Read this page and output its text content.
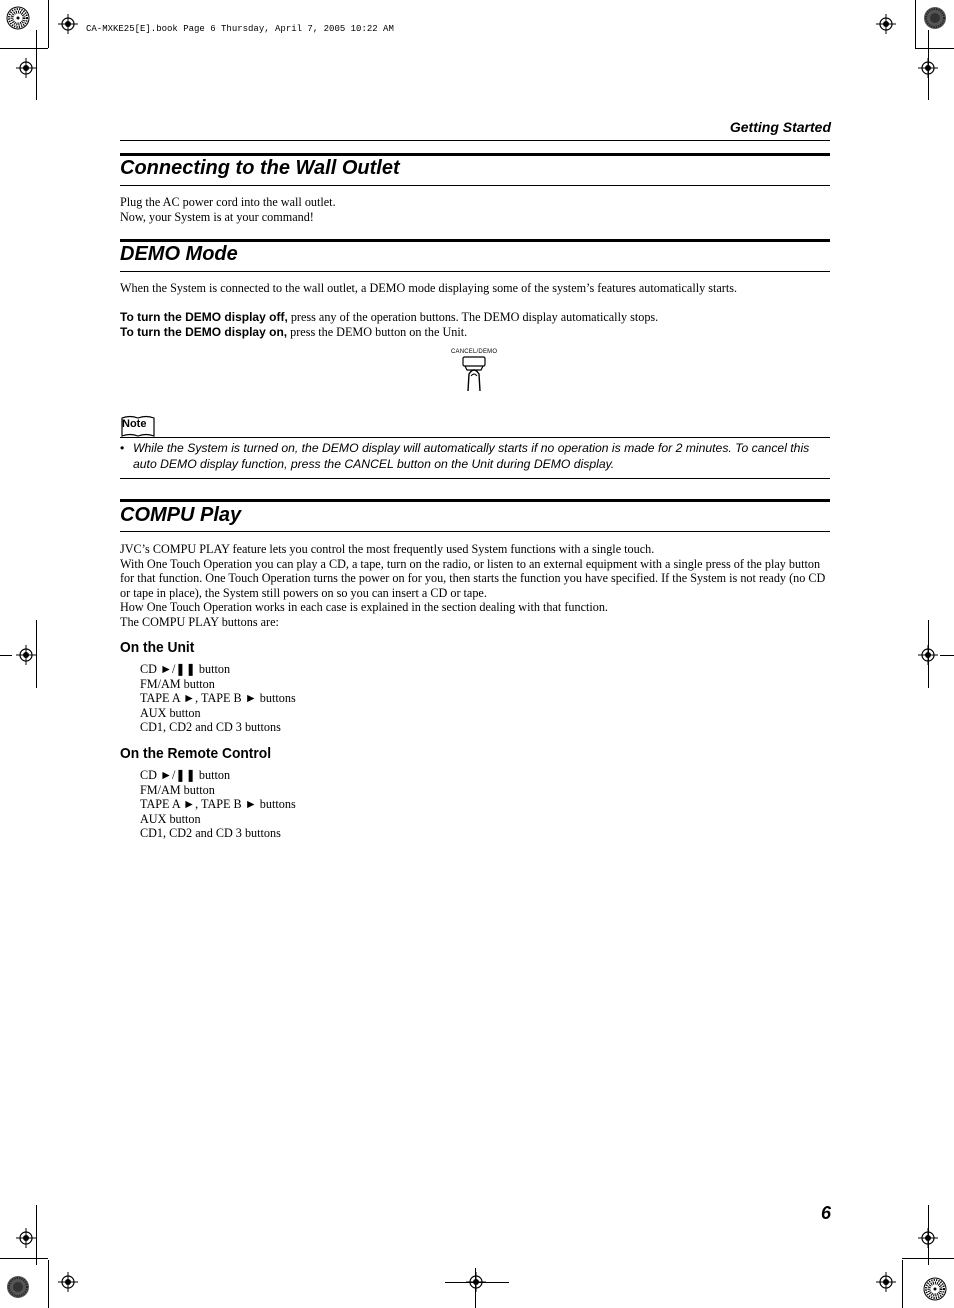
CA-MXKE25[E].book Page 6 Thursday, April 7, 2005 10:22 AM
Getting Started
Connecting to the Wall Outlet
Plug the AC power cord into the wall outlet.
Now, your System is at your command!
DEMO Mode
When the System is connected to the wall outlet, a DEMO mode displaying some of the system’s features automatically starts.
To turn the DEMO display off, press any of the operation buttons. The DEMO display automatically stops.
To turn the DEMO display on, press the DEMO button on the Unit.
CANCEL/DEMO
Note
• While the System is turned on, the DEMO display will automatically starts if no operation is made for 2 minutes. To cancel this auto DEMO display function, press the CANCEL button on the Unit during DEMO display.
COMPU Play
JVC’s COMPU PLAY feature lets you control the most frequently used System functions with a single touch.
With One Touch Operation you can play a CD, a tape, turn on the radio, or listen to an external equipment with a single press of the play button for that function. One Touch Operation turns the power on for you, then starts the function you have specified. If the System is not ready (no CD or tape in place), the System still powers on so you can insert a CD or tape.
How One Touch Operation works in each case is explained in the section dealing with that function.
The COMPU PLAY buttons are:
On the Unit
CD ►/❚❚ button
FM/AM button
TAPE A ►, TAPE B ► buttons
AUX button
CD1, CD2 and CD 3 buttons
On the Remote Control
CD ►/❚❚ button
FM/AM button
TAPE A ►, TAPE B ► buttons
AUX button
CD1, CD2 and CD 3 buttons
6
